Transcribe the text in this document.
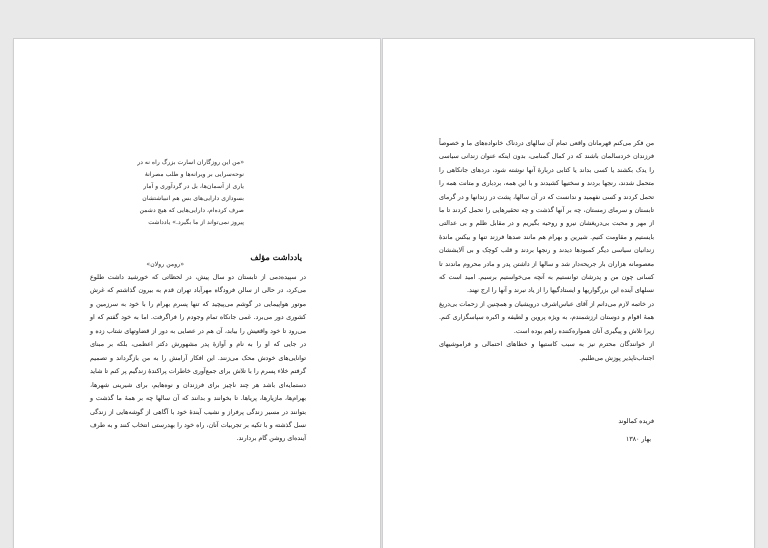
«من این روزگاران اسارت بزرگ راه نه در
نوحه‌سرایی بر ویرانه‌ها و طلب مصرانهٔ
یاری از آسمان‌ها، بل در گردآوری و آمار
بسودازی دارایی‌های بس هم انبیاشتشان
صرف کرده‌ام، دارایی‌هایی که هیچ دشمن
پیروز نمی‌تواند از ما بگیرد.» یادداشت
«رومن رولان»
یادداشت مؤلف
در سپیده‌دمی از تابستان دو سال پیش، در لحظاتی که خورشید داشت طلوع می‌کرد، در حالی از سالن فرودگاه مهرآباد تهران قدم به بیرون گذاشتم که غرش موتور هواپیمایی در گوشم می‌پیچید که تنها پسرم بهرام را با خود به سرزمین و کشوری دور می‌برد. غمی جانکاه تمام وجودم را فراگرفت. اما به خود گفتم که او می‌رود تا خود واقعیش را بیابد، آن هم در عصایی به دور از قضاوتهای شتاب زده و در جایی که او را به نام و آوازهٔ پدر مشهورش دکتر اعظمی، بلکه بر مبنای توانایی‌های خودش محک می‌زنند. این افکار آرامش را به من بازگرداند و تصمیم گرفتم خلاء پسرم را با تلاش برای جمع‌آوری خاطرات پراکندهٔ زندگیم پر کنم تا شاید دستمایه‌ای باشد هر چند ناچیز برای فرزندان و نوه‌هایم، برای شیرینی شهرها، بهرام‌ها، مازیارها، پریاها. تا بخوانند و بدانند که آن سالها چه بر همهٔ ما گذشت و بتوانند در مسیر زندگی پرفراز و نشیب آیندهٔ خود با آگاهی از گوشه‌هایی از زندگی نسل گذشته و با تکیه بر تجربیات آنان، راه خود را بهدرستی انتخاب کنند و به طرف آینده‌ای روشن گام بردارند.

من فکر می‌کنم قهرمانان واقعی تمام آن سالهای دردناک خانواده‌های ما و خصوصاً فرزندان خردسالمان باشند که در کمال گمنامی، بدون اینکه عنوان زندانی سیاسی را یدک بکشند یا کسی بداند یا کتابی دربارهٔ آنها نوشته شود، دردهای جانکاهی را متحمل شدند، رنجها بردند و سختیها کشیدند و با این همه، بردباری و متانت همه را تحمل کردند و کسی نفهمید و ندانست که در آن سالها، پشت در زندانها و در گرمای تابستان و سرمای زمستان، چه بر آنها گذشت و چه تحقیرهایی را تحمل کردند تا ما از مهر و محبت بی‌دریغشان نیرو و روحیه بگیریم و در مقابل ظلم و بی عدالتی بایستیم و مقاومت کنیم. شیرین و بهرام هم مانند صدها فرزند تنها و بیکس ماندهٔ زندانیان سیاسی دیگر کمبودها دیدند و رنجها بردند و قلب کوچک و بی آلایششان معصومانه هزاران بار جریحه‌دار شد و سالها از داشتن پدر و مادر محروم ماندند تا کسانی چون من و پدرشان توانستیم به آنچه می‌خواستیم برسیم. امید است که نسلهای آینده این بزرگواریها و ایستادگیها را از یاد نبرند و آنها را ارج نهند.

در خاتمه لازم می‌دانم از آقای عباس‌اشرف درویشیان و همچنین از زحمات بی‌دریغ همهٔ اقوام و دوستان ارزشمندم، به ویژه پروین و لطیفه و اکبره سپاسگزاری کنم. زیرا تلاش و پیگیری آنان همواره‌کننده راهم بوده است.

از خوانندگان محترم نیز به سبب کاستیها و خطاهای احتمالی و فراموشیهای اجتناب‌ناپذیر پوزش می‌طلبم.

فریده کمالوند
بهار ۱۳۸۰
